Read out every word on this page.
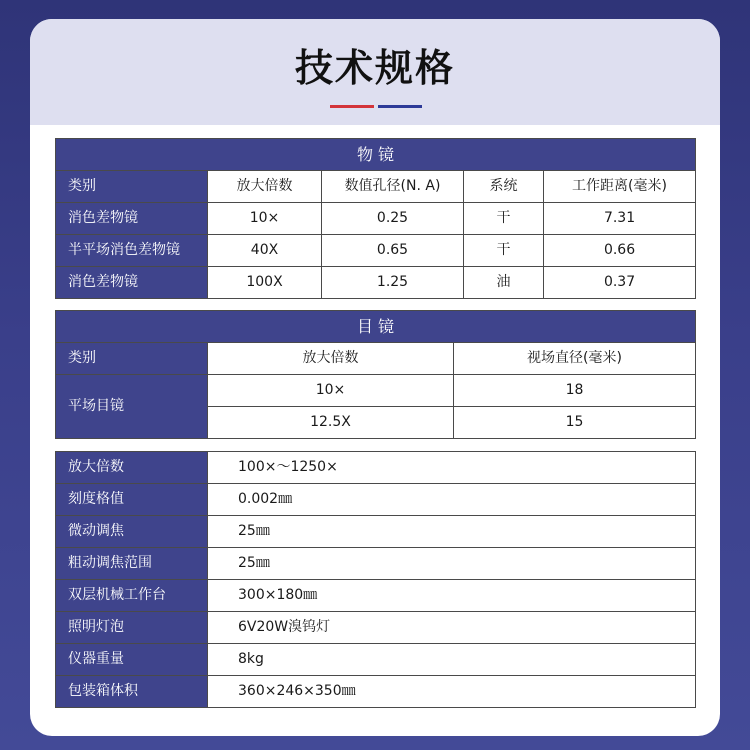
技术规格
物 镜				
类别	放大倍数	数值孔径(N. A)	系统	工作距离(毫米)
消色差物镜	10×	0.25	干	7.31
半平场消色差物镜	40X	0.65	干	0.66
消色差物镜	100X	1.25	油	0.37
目 镜		
类别	放大倍数	视场直径(毫米)
平场目镜	10×	18
	12.5X	15
放大倍数	100×～1250×
刻度格值	0.002㎜
微动调焦	25㎜
粗动调焦范围	25㎜
双层机械工作台	300×180㎜
照明灯泡	6V20W溴钨灯
仪器重量	8kg
包装箱体积	360×246×350㎜
